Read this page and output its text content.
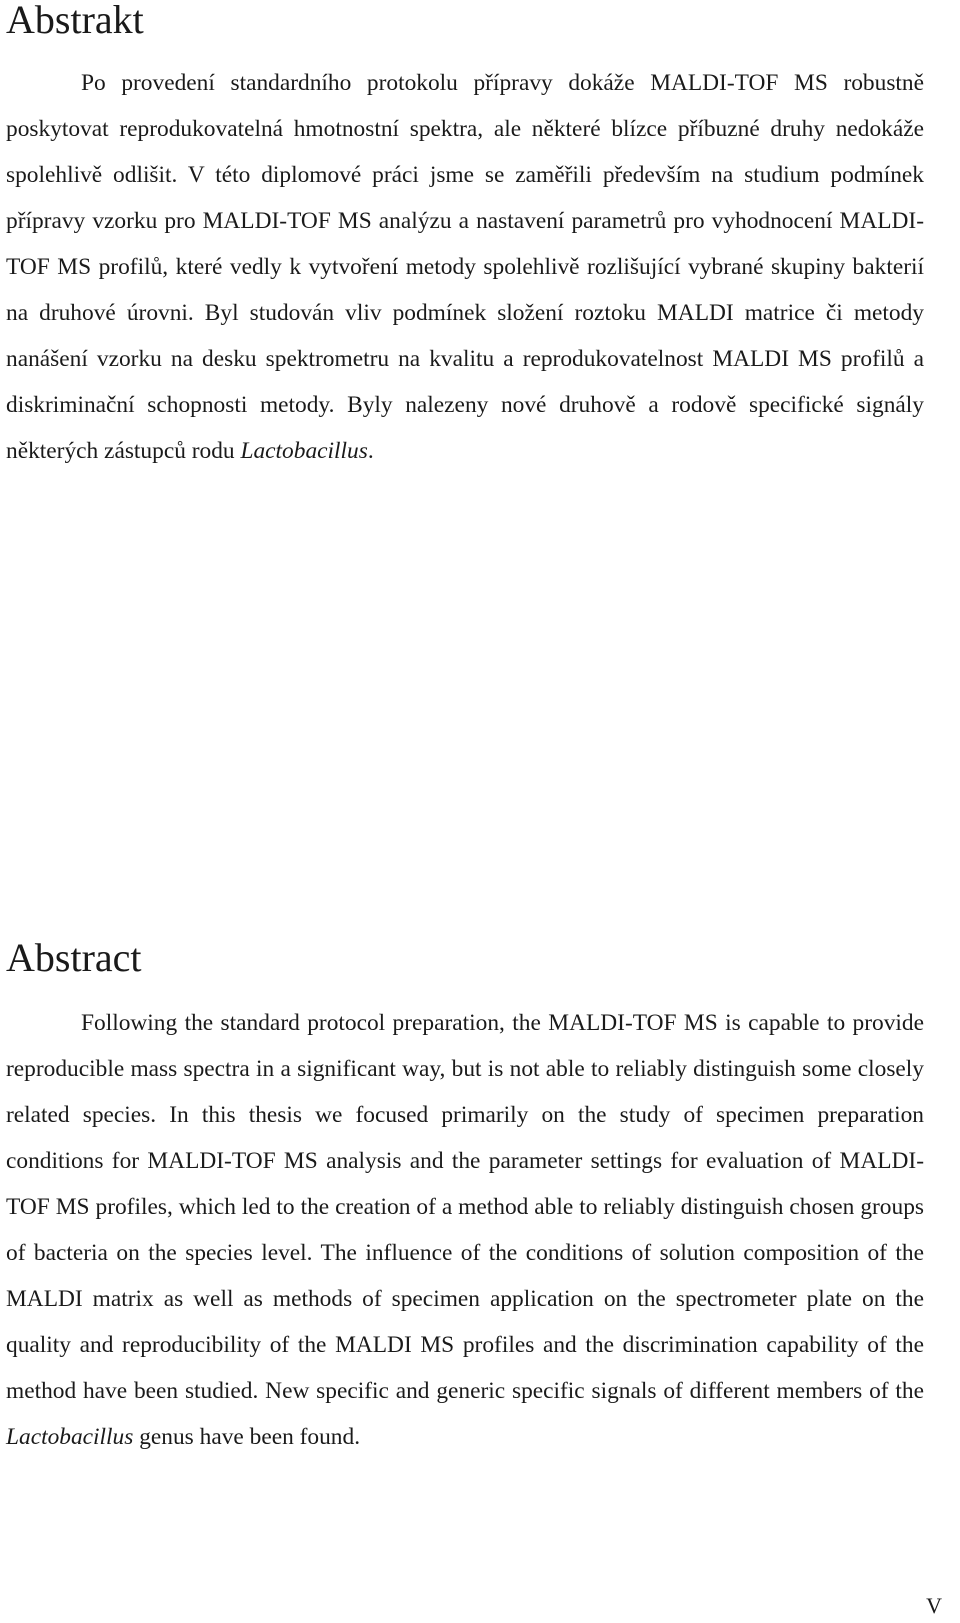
Abstrakt

Po provedení standardního protokolu přípravy dokáže MALDI-TOF MS robustně poskytovat reprodukovatelná hmotnostní spektra, ale některé blízce příbuzné druhy nedokáže spolehlivě odlišit. V této diplomové práci jsme se zaměřili především na studium podmínek přípravy vzorku pro MALDI-TOF MS analýzu a nastavení parametrů pro vyhodnocení MALDI-TOF MS profilů, které vedly k vytvoření metody spolehlivě rozlišující vybrané skupiny bakterií na druhové úrovni. Byl studován vliv podmínek složení roztoku MALDI matrice či metody nanášení vzorku na desku spektrometru na kvalitu a reprodukovatelnost MALDI MS profilů a diskriminační schopnosti metody. Byly nalezeny nové druhově a rodově specifické signály některých zástupců rodu Lactobacillus.

Abstract

Following the standard protocol preparation, the MALDI-TOF MS is capable to provide reproducible mass spectra in a significant way, but is not able to reliably distinguish some closely related species. In this thesis we focused primarily on the study of specimen preparation conditions for MALDI-TOF MS analysis and the parameter settings for evaluation of MALDI-TOF MS profiles, which led to the creation of a method able to reliably distinguish chosen groups of bacteria on the species level. The influence of the conditions of solution composition of the MALDI matrix as well as methods of specimen application on the spectrometer plate on the quality and reproducibility of the MALDI MS profiles and the discrimination capability of the method have been studied. New specific and generic specific signals of different members of the Lactobacillus genus have been found.

V
